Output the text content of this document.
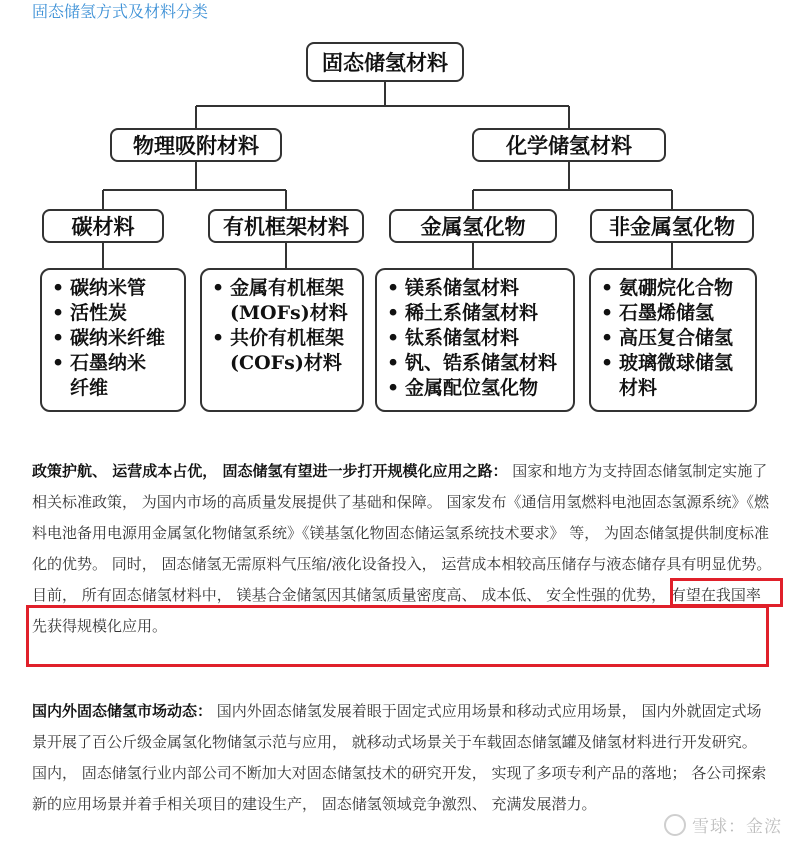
固态储氢方式及材料分类
固态储氢材料
物理吸附材料	化学储氢材料
碳材料	有机框架材料	金属氢化物	非金属氢化物
• 碳纳米管
• 活性炭
• 碳纳米纤维
• 石墨纳米
纤维
• 金属有机框架
(MOFs)材料
• 共价有机框架
(COFs)材料
• 镁系储氢材料
• 稀土系储氢材料
• 钛系储氢材料
• 钒、锆系储氢材料
• 金属配位氢化物
• 氨硼烷化合物
• 石墨烯储氢
• 高压复合储氢
• 玻璃微球储氢
材料
政策护航、 运营成本占优， 固态储氢有望进一步打开规模化应用之路： 国家和地方为支持固态储氢制定实施了相关标准政策， 为国内市场的高质量发展提供了基础和保障。 国家发布《通信用氢燃料电池固态氢源系统》《燃料电池备用电源用金属氢化物储氢系统》《镁基氢化物固态储运氢系统技术要求》 等， 为固态储氢提供制度标准化的优势。 同时， 固态储氢无需原料气压缩/液化设备投入， 运营成本相较高压储存与液态储存具有明显优势。 目前， 所有固态储氢材料中， 镁基合金储氢因其储氢质量密度高、 成本低、 安全性强的优势， 有望在我国率先获得规模化应用。
国内外固态储氢市场动态： 国内外固态储氢发展着眼于固定式应用场景和移动式应用场景， 国内外就固定式场景开展了百公斤级金属氢化物储氢示范与应用， 就移动式场景关于车载固态储氢罐及储氢材料进行开发研究。 国内， 固态储氢行业内部公司不断加大对固态储氢技术的研究开发， 实现了多项专利产品的落地； 各公司探索新的应用场景并着手相关项目的建设生产， 固态储氢领域竞争激烈、 充满发展潜力。
雪球：金浤
